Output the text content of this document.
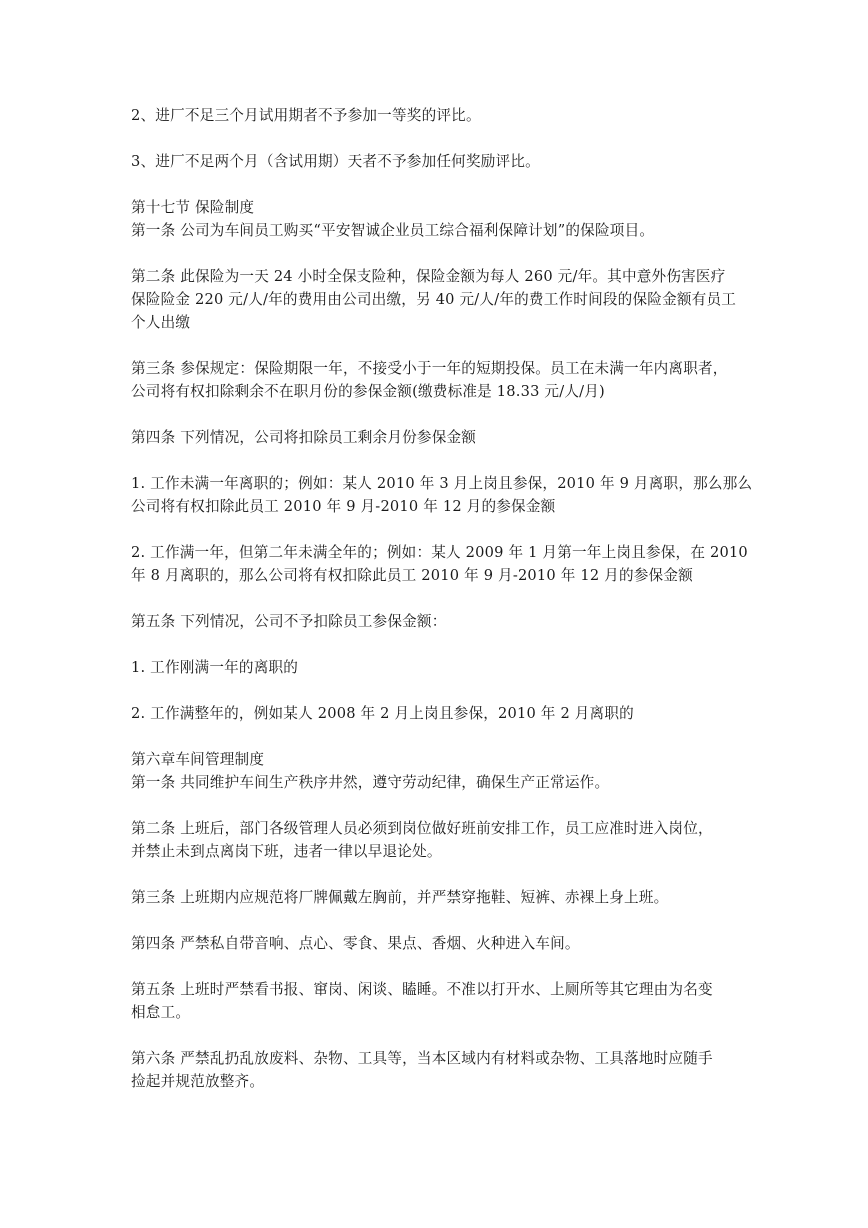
2、进厂不足三个月试用期者不予参加一等奖的评比。
3、进厂不足两个月（含试用期）天者不予参加任何奖励评比。
第十七节 保险制度
第一条 公司为车间员工购买“平安智诚企业员工综合福利保障计划”的保险项目。
第二条 此保险为一天 24 小时全保支险种，保险金额为每人 260 元/年。其中意外伤害医疗
保险险金 220 元/人/年的费用由公司出缴，另 40 元/人/年的费工作时间段的保险金额有员工
个人出缴
第三条 参保规定：保险期限一年，不接受小于一年的短期投保。员工在未满一年内离职者，
公司将有权扣除剩余不在职月份的参保金额(缴费标准是 18.33 元/人/月)
第四条 下列情况，公司将扣除员工剩余月份参保金额
1. 工作未满一年离职的；例如：某人 2010 年 3 月上岗且参保，2010 年 9 月离职，那么那么
公司将有权扣除此员工 2010 年 9 月-2010 年 12 月的参保金额
2. 工作满一年，但第二年未满全年的；例如：某人 2009 年 1 月第一年上岗且参保，在 2010
年 8 月离职的，那么公司将有权扣除此员工 2010 年 9 月-2010 年 12 月的参保金额
第五条 下列情况，公司不予扣除员工参保金额：
1. 工作刚满一年的离职的
2. 工作满整年的，例如某人 2008 年 2 月上岗且参保，2010 年 2 月离职的
第六章车间管理制度
第一条 共同维护车间生产秩序井然，遵守劳动纪律，确保生产正常运作。
第二条 上班后，部门各级管理人员必须到岗位做好班前安排工作，员工应准时进入岗位，
并禁止未到点离岗下班，违者一律以早退论处。
第三条 上班期内应规范将厂牌佩戴左胸前，并严禁穿拖鞋、短裤、赤裸上身上班。
第四条 严禁私自带音响、点心、零食、果点、香烟、火种进入车间。
第五条 上班时严禁看书报、窜岗、闲谈、瞌睡。不准以打开水、上厕所等其它理由为名变
相怠工。
第六条 严禁乱扔乱放废料、杂物、工具等，当本区域内有材料或杂物、工具落地时应随手
捡起并规范放整齐。
